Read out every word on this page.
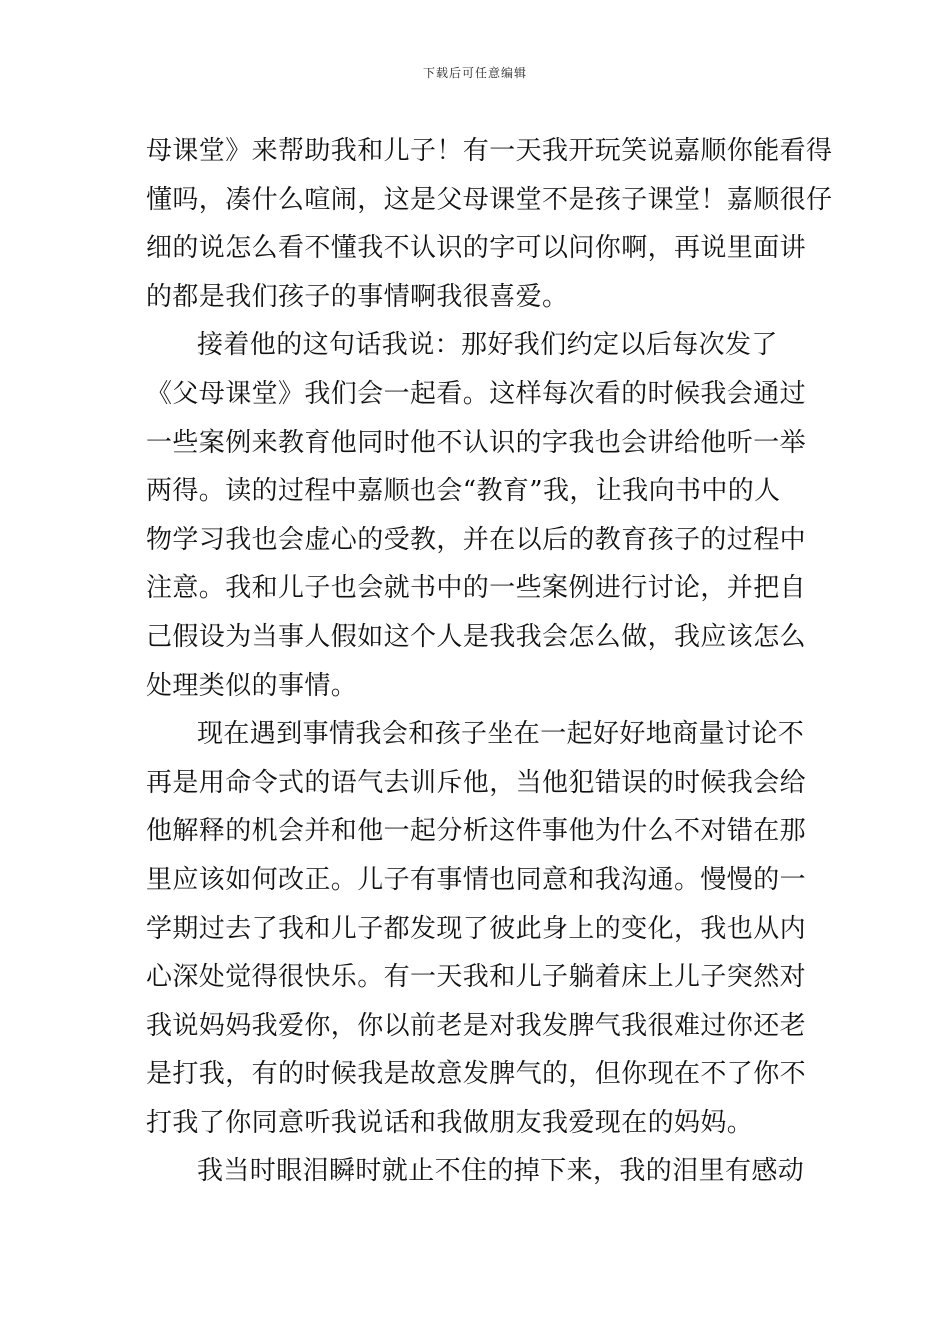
下载后可任意编辑
母课堂》来帮助我和儿子！有一天我开玩笑说嘉顺你能看得
懂吗，凑什么喧闹，这是父母课堂不是孩子课堂！嘉顺很仔
细的说怎么看不懂我不认识的字可以问你啊，再说里面讲
的都是我们孩子的事情啊我很喜爱。
接着他的这句话我说：那好我们约定以后每次发了
《父母课堂》我们会一起看。这样每次看的时候我会通过
一些案例来教育他同时他不认识的字我也会讲给他听一举
两得。读的过程中嘉顺也会“教育”我，让我向书中的人
物学习我也会虚心的受教，并在以后的教育孩子的过程中
注意。我和儿子也会就书中的一些案例进行讨论，并把自
己假设为当事人假如这个人是我我会怎么做，我应该怎么
处理类似的事情。
现在遇到事情我会和孩子坐在一起好好地商量讨论不
再是用命令式的语气去训斥他，当他犯错误的时候我会给
他解释的机会并和他一起分析这件事他为什么不对错在那
里应该如何改正。儿子有事情也同意和我沟通。慢慢的一
学期过去了我和儿子都发现了彼此身上的变化，我也从内
心深处觉得很快乐。有一天我和儿子躺着床上儿子突然对
我说妈妈我爱你，你以前老是对我发脾气我很难过你还老
是打我，有的时候我是故意发脾气的，但你现在不了你不
打我了你同意听我说话和我做朋友我爱现在的妈妈。
我当时眼泪瞬时就止不住的掉下来，我的泪里有感动
